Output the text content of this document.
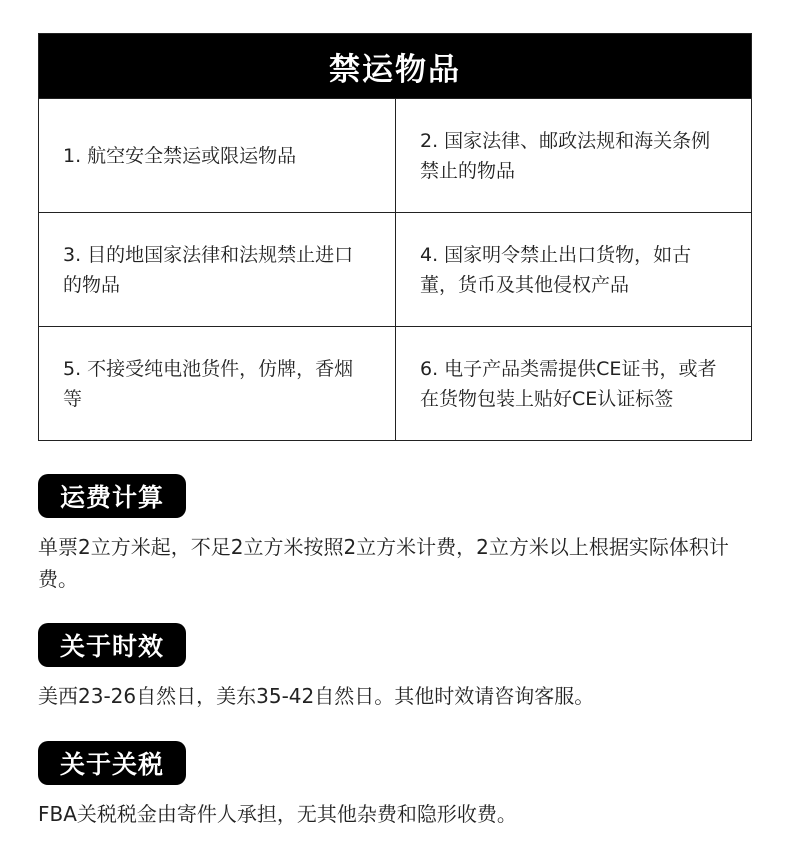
禁运物品
1. 航空安全禁运或限运物品
2. 国家法律、邮政法规和海关条例禁止的物品
3. 目的地国家法律和法规禁止进口的物品
4. 国家明令禁止出口货物，如古董，货币及其他侵权产品
5. 不接受纯电池货件，仿牌，香烟等
6. 电子产品类需提供CE证书，或者在货物包装上贴好CE认证标签
运费计算
单票2立方米起，不足2立方米按照2立方米计费，2立方米以上根据实际体积计费。
关于时效
美西23-26自然日，美东35-42自然日。其他时效请咨询客服。
关于关税
FBA关税税金由寄件人承担，无其他杂费和隐形收费。
